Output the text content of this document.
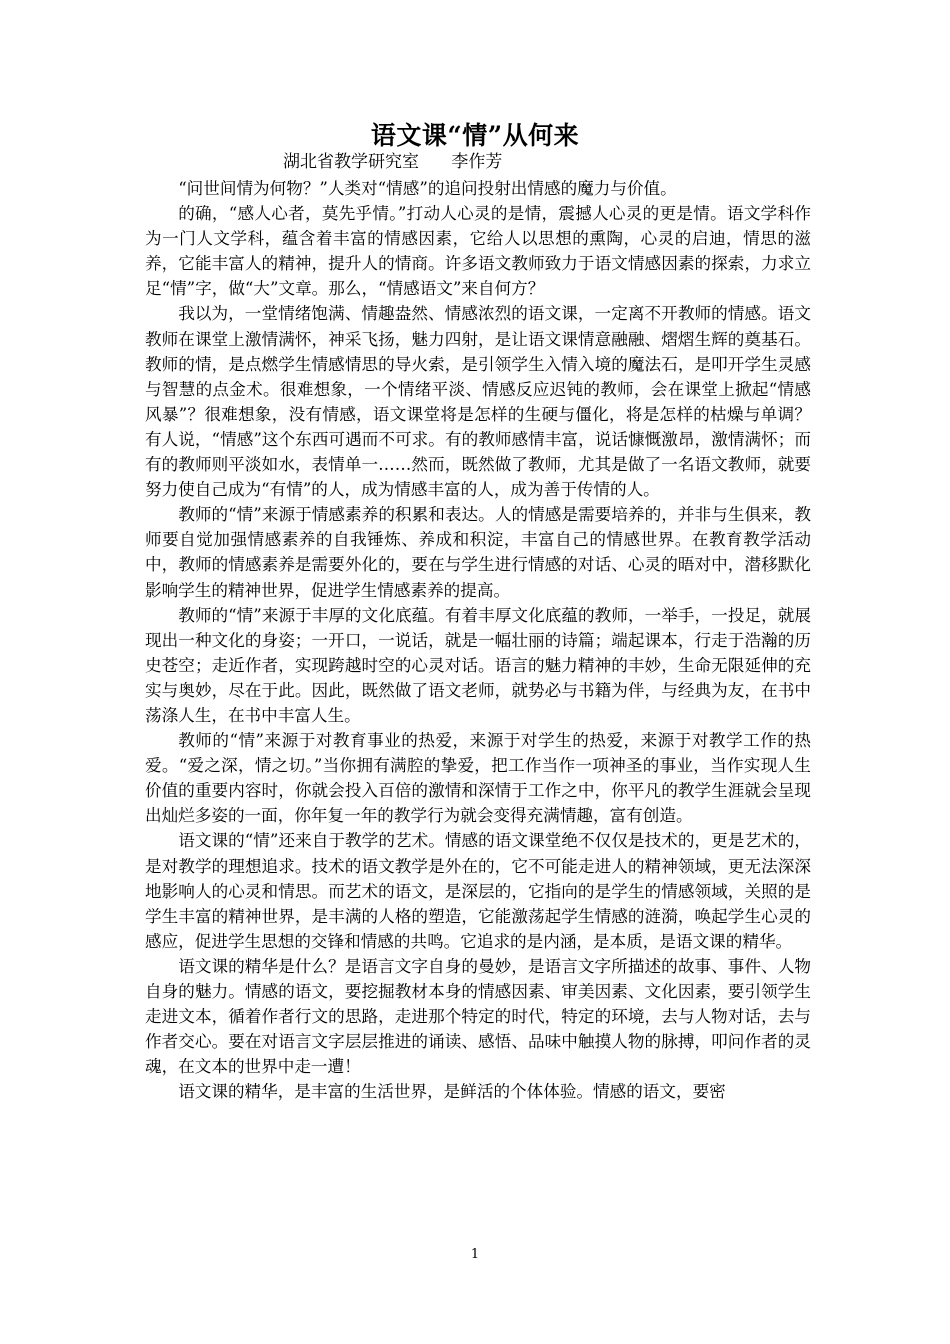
语文课“情”从何来
湖北省教学研究室      李作芳

“问世间情为何物？”人类对“情感”的追问投射出情感的魔力与价值。

的确，“感人心者，莫先乎情。”打动人心灵的是情，震撼人心灵的更是情。语文学科作为一门人文学科，蕴含着丰富的情感因素，它给人以思想的熏陶，心灵的启迪，情思的滋养，它能丰富人的精神，提升人的情商。许多语文教师致力于语文情感因素的探索，力求立足“情”字，做“大”文章。那么，“情感语文”来自何方？

我以为，一堂情绪饱满、情趣盎然、情感浓烈的语文课，一定离不开教师的情感。语文教师在课堂上激情满怀，神采飞扬，魅力四射，是让语文课情意融融、熠熠生辉的奠基石。教师的情，是点燃学生情感情思的导火索，是引领学生入情入境的魔法石，是叩开学生灵感与智慧的点金术。很难想象，一个情绪平淡、情感反应迟钝的教师，会在课堂上掀起“情感风暴”？很难想象，没有情感，语文课堂将是怎样的生硬与僵化，将是怎样的枯燥与单调？有人说，“情感”这个东西可遇而不可求。有的教师感情丰富，说话慷慨激昂，激情满怀；而有的教师则平淡如水，表情单一……然而，既然做了教师，尤其是做了一名语文教师，就要努力使自己成为“有情”的人，成为情感丰富的人，成为善于传情的人。

教师的“情”来源于情感素养的积累和表达。人的情感是需要培养的，并非与生俱来，教师要自觉加强情感素养的自我锤炼、养成和积淀，丰富自己的情感世界。在教育教学活动中，教师的情感素养是需要外化的，要在与学生进行情感的对话、心灵的晤对中，潜移默化影响学生的精神世界，促进学生情感素养的提高。

教师的“情”来源于丰厚的文化底蕴。有着丰厚文化底蕴的教师，一举手，一投足，就展现出一种文化的身姿；一开口，一说话，就是一幅壮丽的诗篇；端起课本，行走于浩瀚的历史苍空；走近作者，实现跨越时空的心灵对话。语言的魅力精神的丰妙，生命无限延伸的充实与奥妙，尽在于此。因此，既然做了语文老师，就势必与书籍为伴，与经典为友，在书中荡涤人生，在书中丰富人生。

教师的“情”来源于对教育事业的热爱，来源于对学生的热爱，来源于对教学工作的热爱。“爱之深，情之切。”当你拥有满腔的挚爱，把工作当作一项神圣的事业，当作实现人生价值的重要内容时，你就会投入百倍的激情和深情于工作之中，你平凡的教学生涯就会呈现出灿烂多姿的一面，你年复一年的教学行为就会变得充满情趣，富有创造。

语文课的“情”还来自于教学的艺术。情感的语文课堂绝不仅仅是技术的，更是艺术的，是对教学的理想追求。技术的语文教学是外在的，它不可能走进人的精神领域，更无法深深地影响人的心灵和情思。而艺术的语文，是深层的，它指向的是学生的情感领域，关照的是学生丰富的精神世界，是丰满的人格的塑造，它能激荡起学生情感的涟漪，唤起学生心灵的感应，促进学生思想的交锋和情感的共鸣。它追求的是内涵，是本质，是语文课的精华。

语文课的精华是什么？是语言文字自身的曼妙，是语言文字所描述的故事、事件、人物自身的魅力。情感的语文，要挖掘教材本身的情感因素、审美因素、文化因素，要引领学生走进文本，循着作者行文的思路，走进那个特定的时代，特定的环境，去与人物对话，去与作者交心。要在对语言文字层层推进的诵读、感悟、品味中触摸人物的脉搏，叩问作者的灵魂，在文本的世界中走一遭！

语文课的精华，是丰富的生活世界，是鲜活的个体体验。情感的语文，要密

1
